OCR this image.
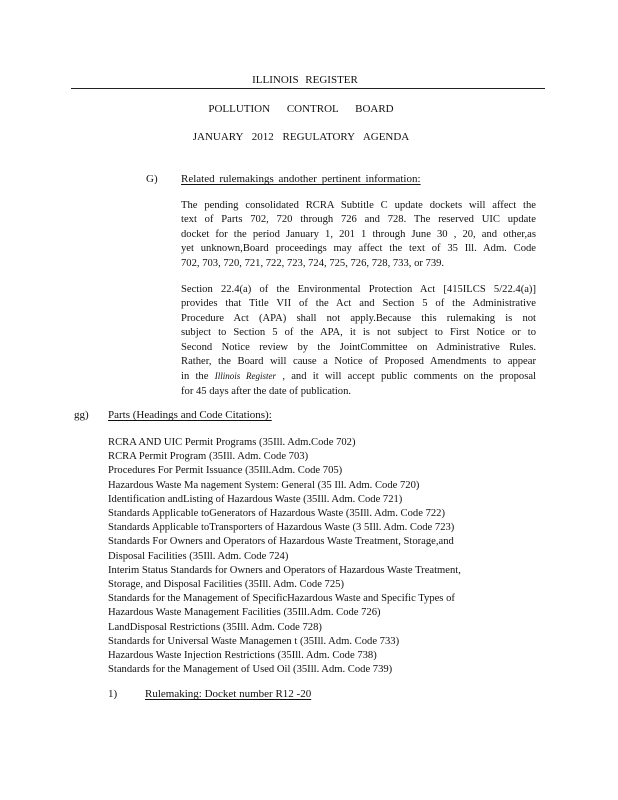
ILLINOIS REGISTER
POLLUTION CONTROL BOARD
JANUARY 2012 REGULATORY AGENDA
G) Related rulemakings andother pertinent information:
The pending consolidated RCRA Subtitle C update dockets will affect the
text of Parts 702, 720 through 726 and 728. The reserved UIC update
docket for the period January 1, 201 1 through June 30 , 20, and other,as
yet unknown,Board proceedings may affect the text of 35 Ill. Adm. Code
702, 703, 720, 721, 722, 723, 724, 725, 726, 728, 733, or 739.
Section 22.4(a) of the Environmental Protection Act [415ILCS 5/22.4(a)]
provides that Title VII of the Act and Section 5 of the Administrative
Procedure Act (APA) shall not apply.Because this rulemaking is not
subject to Section 5 of the APA, it is not subject to First Notice or to
Second Notice review by the JointCommittee on Administrative Rules.
Rather, the Board will cause a Notice of Proposed Amendments to appear
in the Illinois Register , and it will accept public comments on the proposal
for 45 days after the date of publication.
gg) Parts (Headings and Code Citations):
RCRA AND UIC Permit Programs (35Ill. Adm.Code 702)
RCRA Permit Program (35Ill. Adm. Code 703)
Procedures For Permit Issuance (35Ill.Adm. Code 705)
Hazardous Waste Ma nagement System: General (35 Ill. Adm. Code 720)
Identification andListing of Hazardous Waste (35Ill. Adm. Code 721)
Standards Applicable toGenerators of Hazardous Waste (35Ill. Adm. Code 722)
Standards Applicable toTransporters of Hazardous Waste (3 5Ill. Adm. Code 723)
Standards For Owners and Operators of Hazardous Waste Treatment, Storage,and
Disposal Facilities (35Ill. Adm. Code 724)
Interim Status Standards for Owners and Operators of Hazardous Waste Treatment,
Storage, and Disposal Facilities (35Ill. Adm. Code 725)
Standards for the Management of SpecificHazardous Waste and Specific Types of
Hazardous Waste Management Facilities (35Ill.Adm. Code 726)
LandDisposal Restrictions (35Ill. Adm. Code 728)
Standards for Universal Waste Managemen t (35Ill. Adm. Code 733)
Hazardous Waste Injection Restrictions (35Ill. Adm. Code 738)
Standards for the Management of Used Oil (35Ill. Adm. Code 739)
1)	Rulemaking: Docket number R12 -20
